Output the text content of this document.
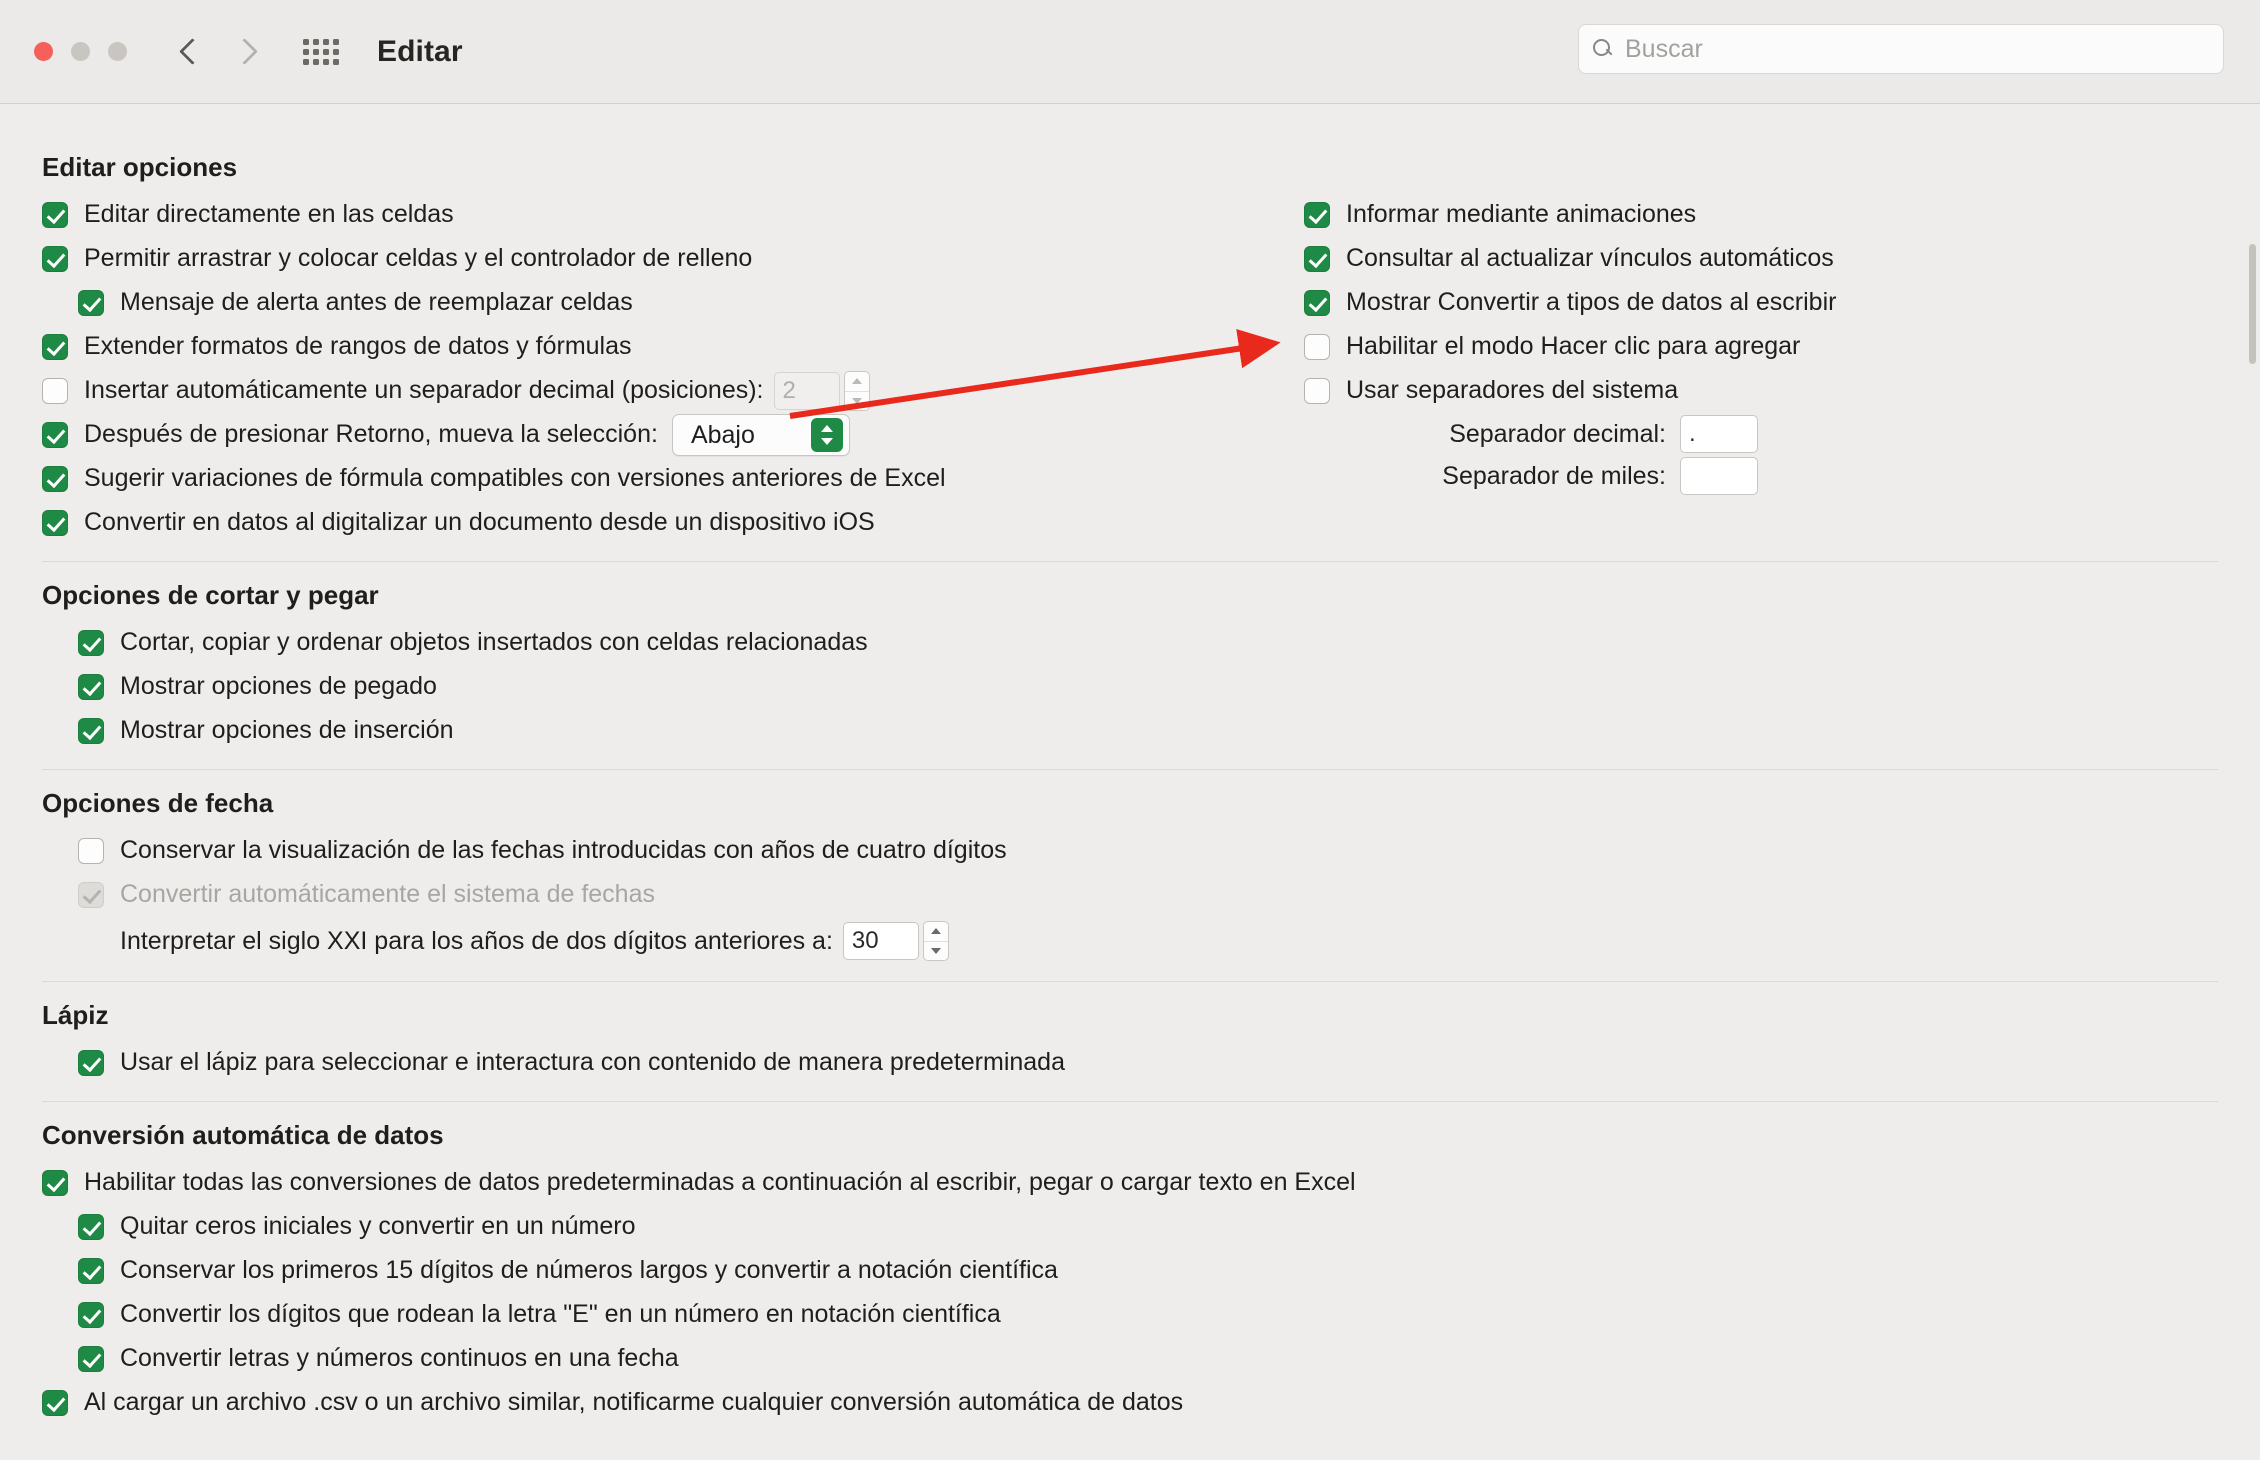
Editar
Buscar
Editar opciones
Editar directamente en las celdas
Permitir arrastrar y colocar celdas y el controlador de relleno
Mensaje de alerta antes de reemplazar celdas
Extender formatos de rangos de datos y fórmulas
Insertar automáticamente un separador decimal (posiciones):
2
Después de presionar Retorno, mueva la selección: Abajo
Sugerir variaciones de fórmula compatibles con versiones anteriores de Excel
Convertir en datos al digitalizar un documento desde un dispositivo iOS
Informar mediante animaciones
Consultar al actualizar vínculos automáticos
Mostrar Convertir a tipos de datos al escribir
Habilitar el modo Hacer clic para agregar
Usar separadores del sistema
Separador decimal:
.
Separador de miles:
Opciones de cortar y pegar
Cortar, copiar y ordenar objetos insertados con celdas relacionadas
Mostrar opciones de pegado
Mostrar opciones de inserción
Opciones de fecha
Conservar la visualización de las fechas introducidas con años de cuatro dígitos
Convertir automáticamente el sistema de fechas
Interpretar el siglo XXI para los años de dos dígitos anteriores a:
30
Lápiz
Usar el lápiz para seleccionar e interactura con contenido de manera predeterminada
Conversión automática de datos
Habilitar todas las conversiones de datos predeterminadas a continuación al escribir, pegar o cargar texto en Excel
Quitar ceros iniciales y convertir en un número
Conservar los primeros 15 dígitos de números largos y convertir a notación científica
Convertir los dígitos que rodean la letra "E" en un número en notación científica
Convertir letras y números continuos en una fecha
Al cargar un archivo .csv o un archivo similar, notificarme cualquier conversión automática de datos
